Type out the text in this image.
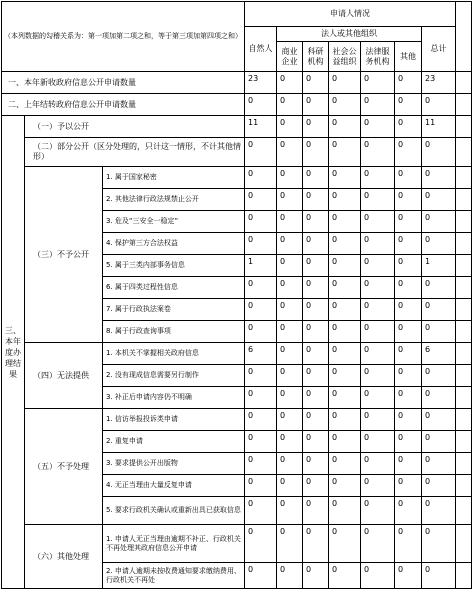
（本列数据的勾稽关系为：第一项加第二项之和，等于第三项加第四项之和）			申请人情况							
			自然人	法人或其他组织					总计	
				商业企业	科研机构	社会公益组织	法律服务机构	其他		
一、本年新收政府信息公开申请数量			23	0	0	0	0	0	23	
二、上年结转政府信息公开申请数量			0	0	0	0	0	0	0	
三、本年度办理结果	（一）予以公开		11	0	0	0	0	0	11	
	（二）部分公开（区分处理的，只计这一情形，不计其他情形）		0	0	0	0	0	0	0	
	（三）不予公开	1. 属于国家秘密	0	0	0	0	0	0	0	
		2. 其他法律行政法规禁止公开	0	0	0	0	0	0	0	
		3. 危及“三安全一稳定”	0	0	0	0	0	0	0	
		4. 保护第三方合法权益	0	0	0	0	0	0	0	
		5. 属于三类内部事务信息	1	0	0	0	0	0	1	
		6. 属于四类过程性信息	0	0	0	0	0	0	0	
		7. 属于行政执法案卷	0	0	0	0	0	0	0	
		8. 属于行政查询事项	0	0	0	0	0	0	0	
	（四）无法提供	1. 本机关不掌握相关政府信息	6	0	0	0	0	0	6	
		2. 没有现成信息需要另行制作	0	0	0	0	0	0	0	
		3. 补正后申请内容仍不明确	0	0	0	0	0	0	0	
	（五）不予处理	1. 信访举报投诉类申请	0	0	0	0	0	0	0	
		2. 重复申请	0	0	0	0	0	0	0	
		3. 要求提供公开出版物	0	0	0	0	0	0	0	
		4. 无正当理由大量反复申请	0	0	0	0	0	0	0	
		5. 要求行政机关确认或重新出具已获取信息	0	0	0	0	0	0	0	
	（六）其他处理	1. 申请人无正当理由逾期不补正、行政机关不再处理其政府信息公开申请	0	0	0	0	0	0	0	
		2. 申请人逾期未按收费通知要求缴纳费用、行政机关不再处	0	0	0	0	0	0	0	
